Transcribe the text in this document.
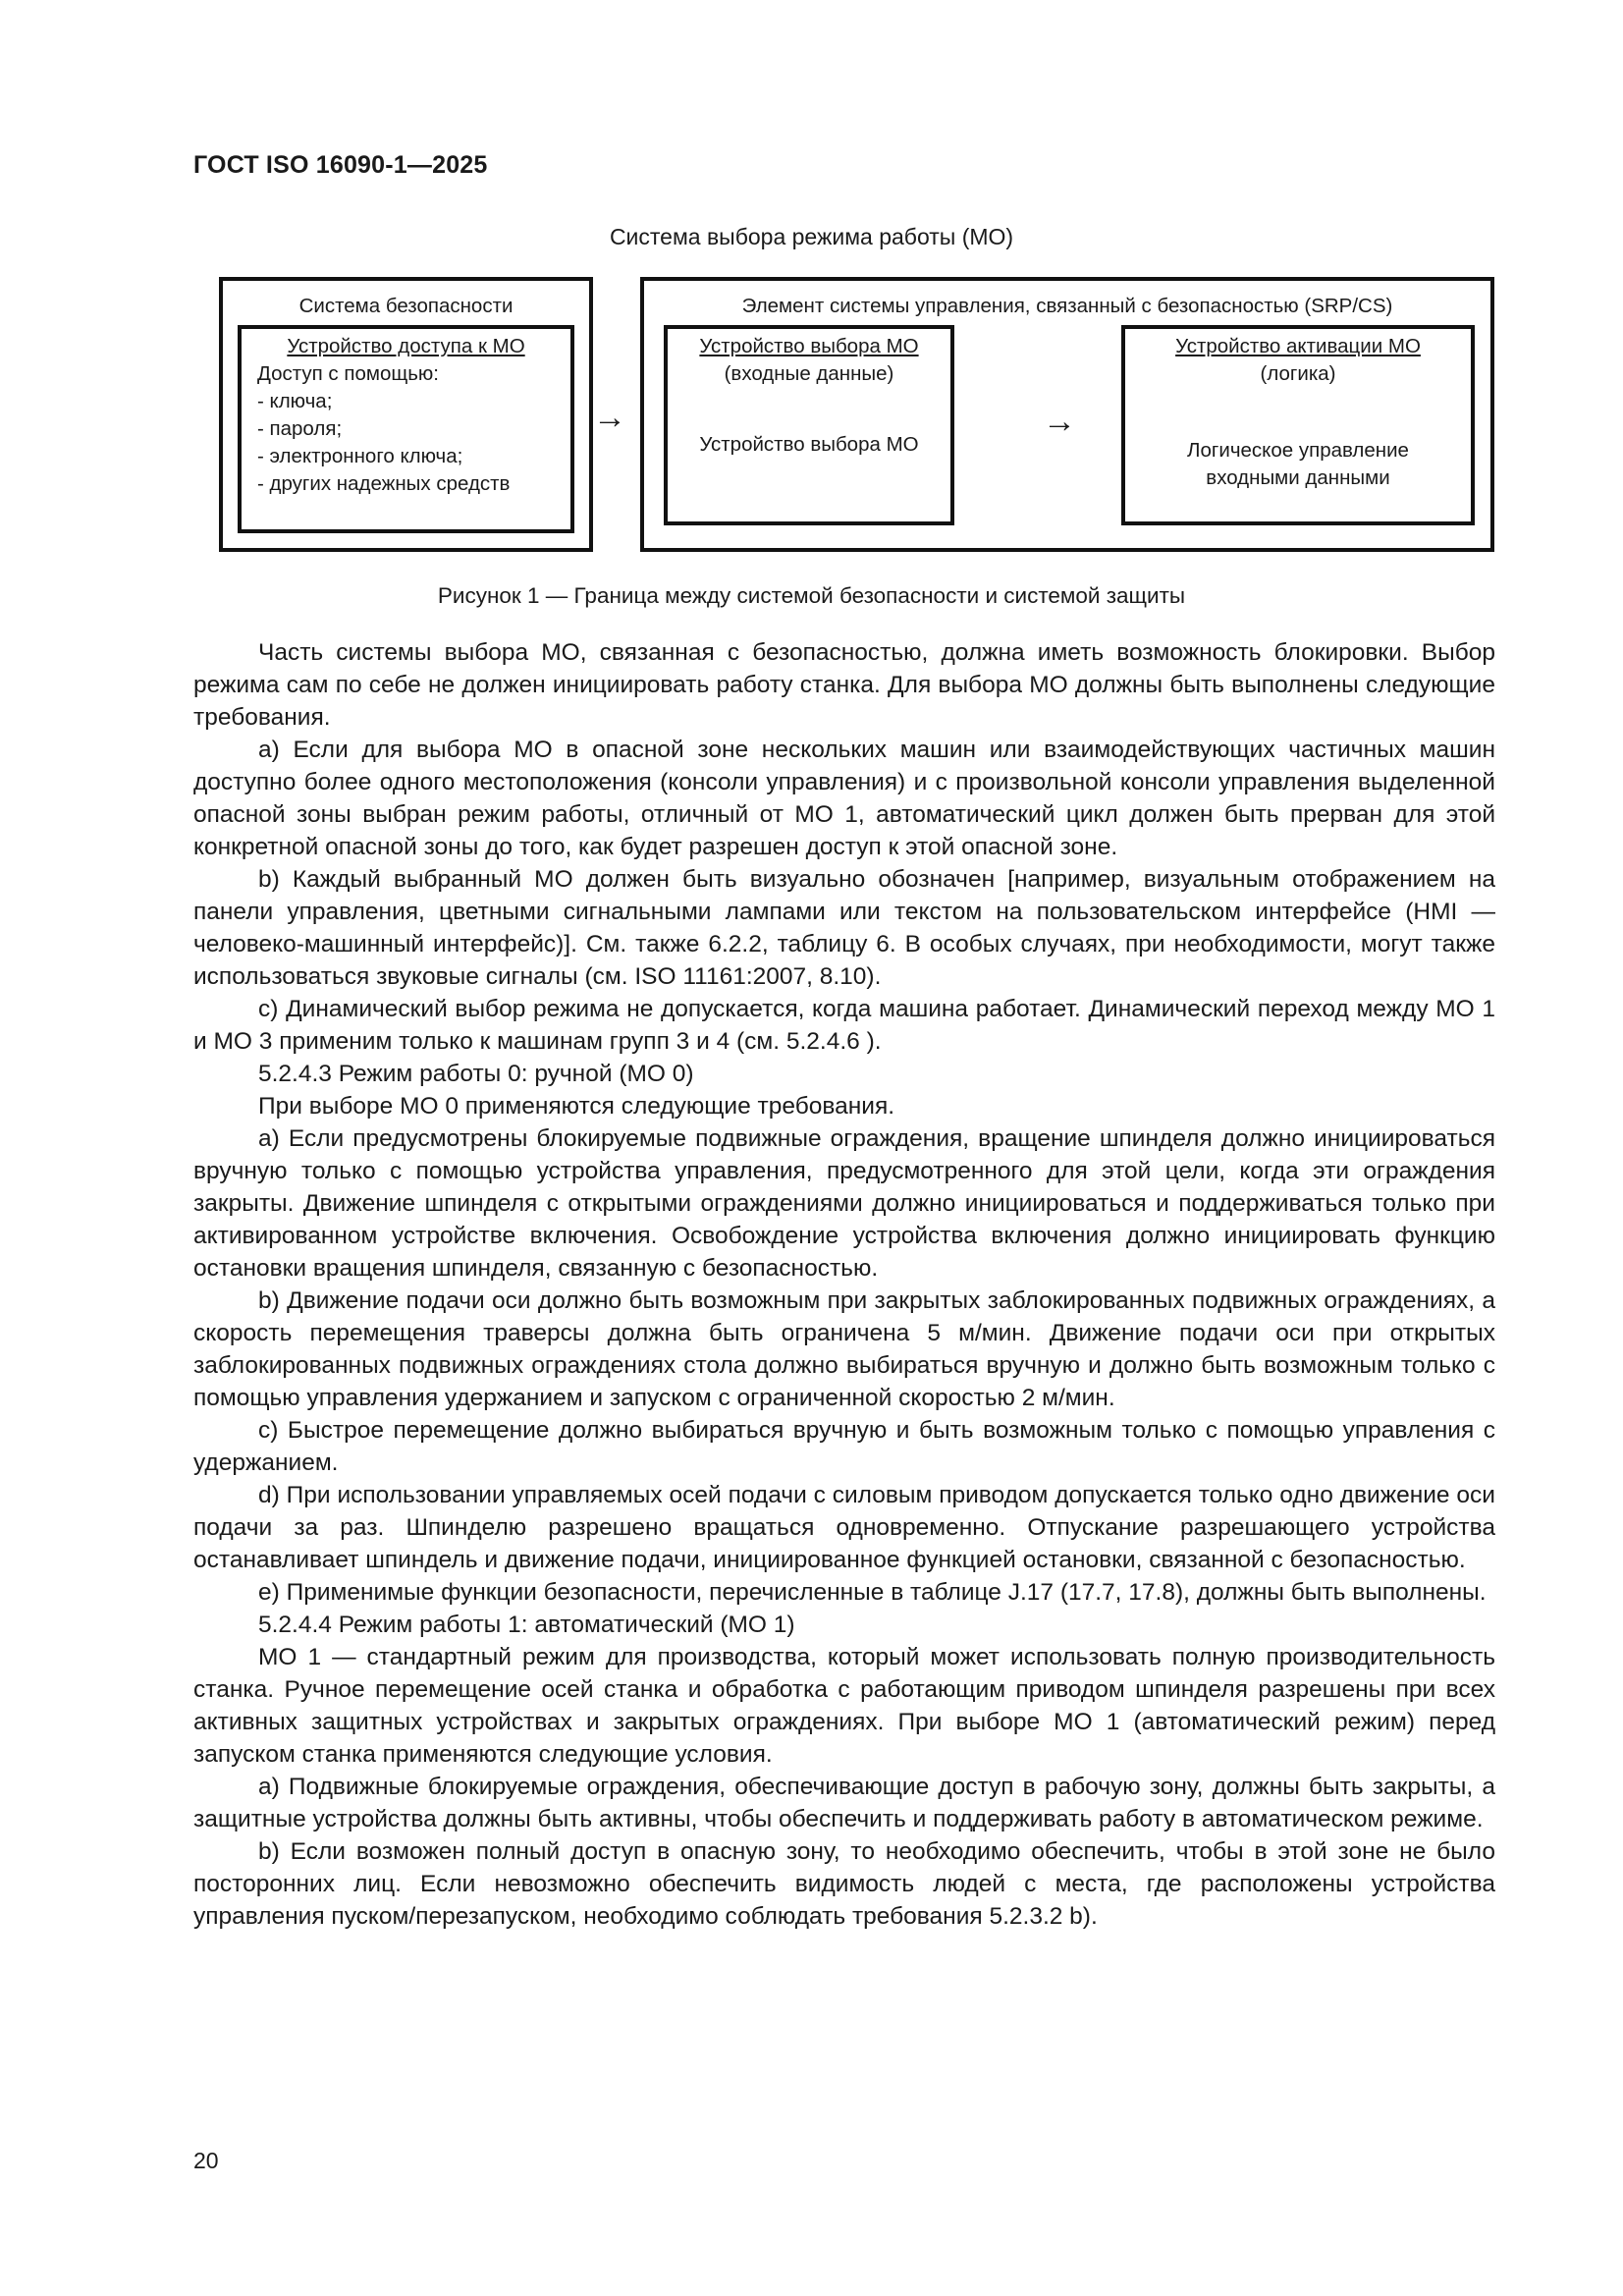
ГОСТ ISO 16090-1—2025
Система выбора режима работы (МО)
Система безопасности
Устройство доступа к МО
Доступ с помощью:
- ключа;
- пароля;
- электронного ключа;
- других надежных средств
→
Элемент системы управления, связанный с безопасностью (SRP/CS)
Устройство выбора МО
(входные данные)
Устройство выбора МО
→
Устройство активации МО
(логика)
Логическое управление
входными данными
Рисунок 1 — Граница между системой безопасности и системой защиты

Часть системы выбора МО, связанная с безопасностью, должна иметь возможность блокировки. Выбор режима сам по себе не должен инициировать работу станка. Для выбора МО должны быть выполнены следующие требования.

a) Если для выбора МО в опасной зоне нескольких машин или взаимодействующих частичных машин доступно более одного местоположения (консоли управления) и с произвольной консоли управления выделенной опасной зоны выбран режим работы, отличный от МО 1, автоматический цикл должен быть прерван для этой конкретной опасной зоны до того, как будет разрешен доступ к этой опасной зоне.

b) Каждый выбранный МО должен быть визуально обозначен [например, визуальным отображением на панели управления, цветными сигнальными лампами или текстом на пользовательском интерфейсе (HMI — человеко-машинный интерфейс)]. См. также 6.2.2, таблицу 6. В особых случаях, при необходимости, могут также использоваться звуковые сигналы (см. ISO 11161:2007, 8.10).

c) Динамический выбор режима не допускается, когда машина работает. Динамический переход между МО 1 и МО 3 применим только к машинам групп 3 и 4 (см. 5.2.4.6 ).

5.2.4.3 Режим работы 0: ручной (МО 0)

При выборе МО 0 применяются следующие требования.

a) Если предусмотрены блокируемые подвижные ограждения, вращение шпинделя должно инициироваться вручную только с помощью устройства управления, предусмотренного для этой цели, когда эти ограждения закрыты. Движение шпинделя с открытыми ограждениями должно инициироваться и поддерживаться только при активированном устройстве включения. Освобождение устройства включения должно инициировать функцию остановки вращения шпинделя, связанную с безопасностью.

b) Движение подачи оси должно быть возможным при закрытых заблокированных подвижных ограждениях, а скорость перемещения траверсы должна быть ограничена 5 м/мин. Движение подачи оси при открытых заблокированных подвижных ограждениях стола должно выбираться вручную и должно быть возможным только с помощью управления удержанием и запуском с ограниченной скоростью 2 м/мин.

c) Быстрое перемещение должно выбираться вручную и быть возможным только с помощью управления с удержанием.

d) При использовании управляемых осей подачи с силовым приводом допускается только одно движение оси подачи за раз. Шпинделю разрешено вращаться одновременно. Отпускание разрешающего устройства останавливает шпиндель и движение подачи, инициированное функцией остановки, связанной с безопасностью.

e) Применимые функции безопасности, перечисленные в таблице J.17 (17.7, 17.8), должны быть выполнены.

5.2.4.4 Режим работы 1: автоматический (МО 1)

МО 1 — стандартный режим для производства, который может использовать полную производительность станка. Ручное перемещение осей станка и обработка с работающим приводом шпинделя разрешены при всех активных защитных устройствах и закрытых ограждениях. При выборе МО 1 (автоматический режим) перед запуском станка применяются следующие условия.

a) Подвижные блокируемые ограждения, обеспечивающие доступ в рабочую зону, должны быть закрыты, а защитные устройства должны быть активны, чтобы обеспечить и поддерживать работу в автоматическом режиме.

b) Если возможен полный доступ в опасную зону, то необходимо обеспечить, чтобы в этой зоне не было посторонних лиц. Если невозможно обеспечить видимость людей с места, где расположены устройства управления пуском/перезапуском, необходимо соблюдать требования 5.2.3.2 b).

20
